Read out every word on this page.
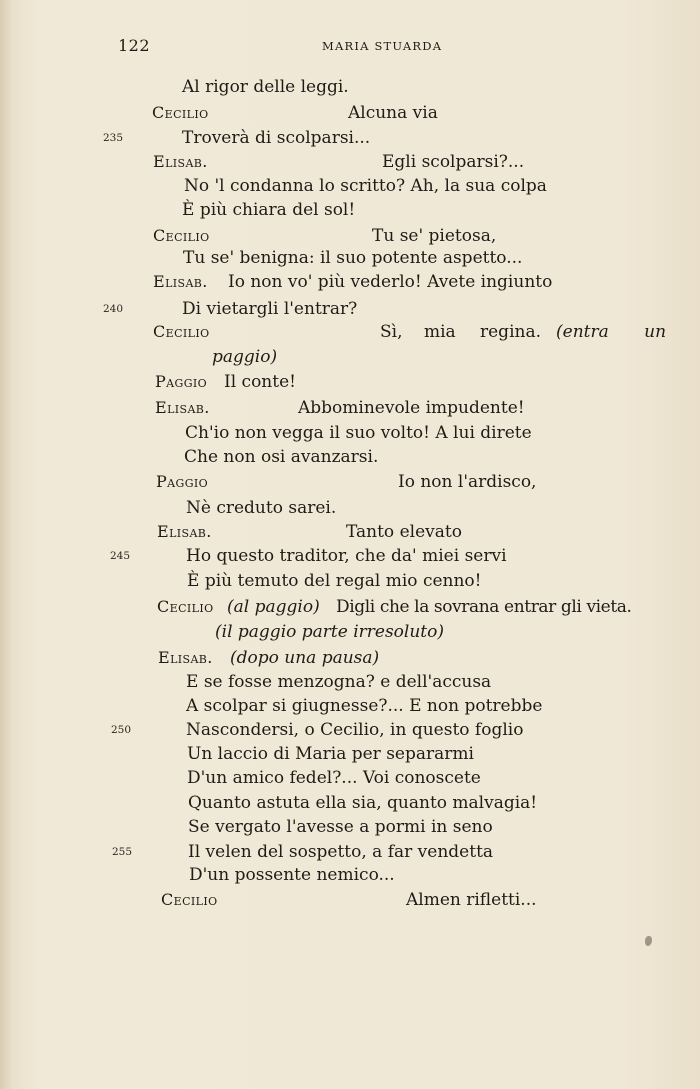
122	MARIA STUARDA
Al rigor delle leggi.
Cecilio	Alcuna via
235	Troverà di scolparsi...
Elisab.	Egli scolparsi?...
No 'l condanna lo scritto? Ah, la sua colpa
È più chiara del sol!
Cecilio	Tu se' pietosa,
Tu se' benigna: il suo potente aspetto...
Elisab. Io non vo' più vederlo! Avete ingiunto
240	Di vietargli l'entrar?
Cecilio	Sì, mia regina. (entra un
paggio)
Paggio Il conte!
Elisab.	Abbominevole impudente!
Ch'io non vegga il suo volto! A lui direte
Che non osi avanzarsi.
Paggio	Io non l'ardisco,
Nè creduto sarei.
Elisab.	Tanto elevato
245	Ho questo traditor, che da' miei servi
È più temuto del regal mio cenno!
Cecilio (al paggio) Digli che la sovrana entrar gli vieta.
(il paggio parte irresoluto)
Elisab. (dopo una pausa)
E se fosse menzogna? e dell'accusa
A scolpar si giugnesse?... E non potrebbe
250	Nascondersi, o Cecilio, in questo foglio
Un laccio di Maria per separarmi
D'un amico fedel?... Voi conoscete
Quanto astuta ella sia, quanto malvagia!
Se vergato l'avesse a pormi in seno
255	Il velen del sospetto, a far vendetta
D'un possente nemico...
Cecilio	Almen rifletti...
